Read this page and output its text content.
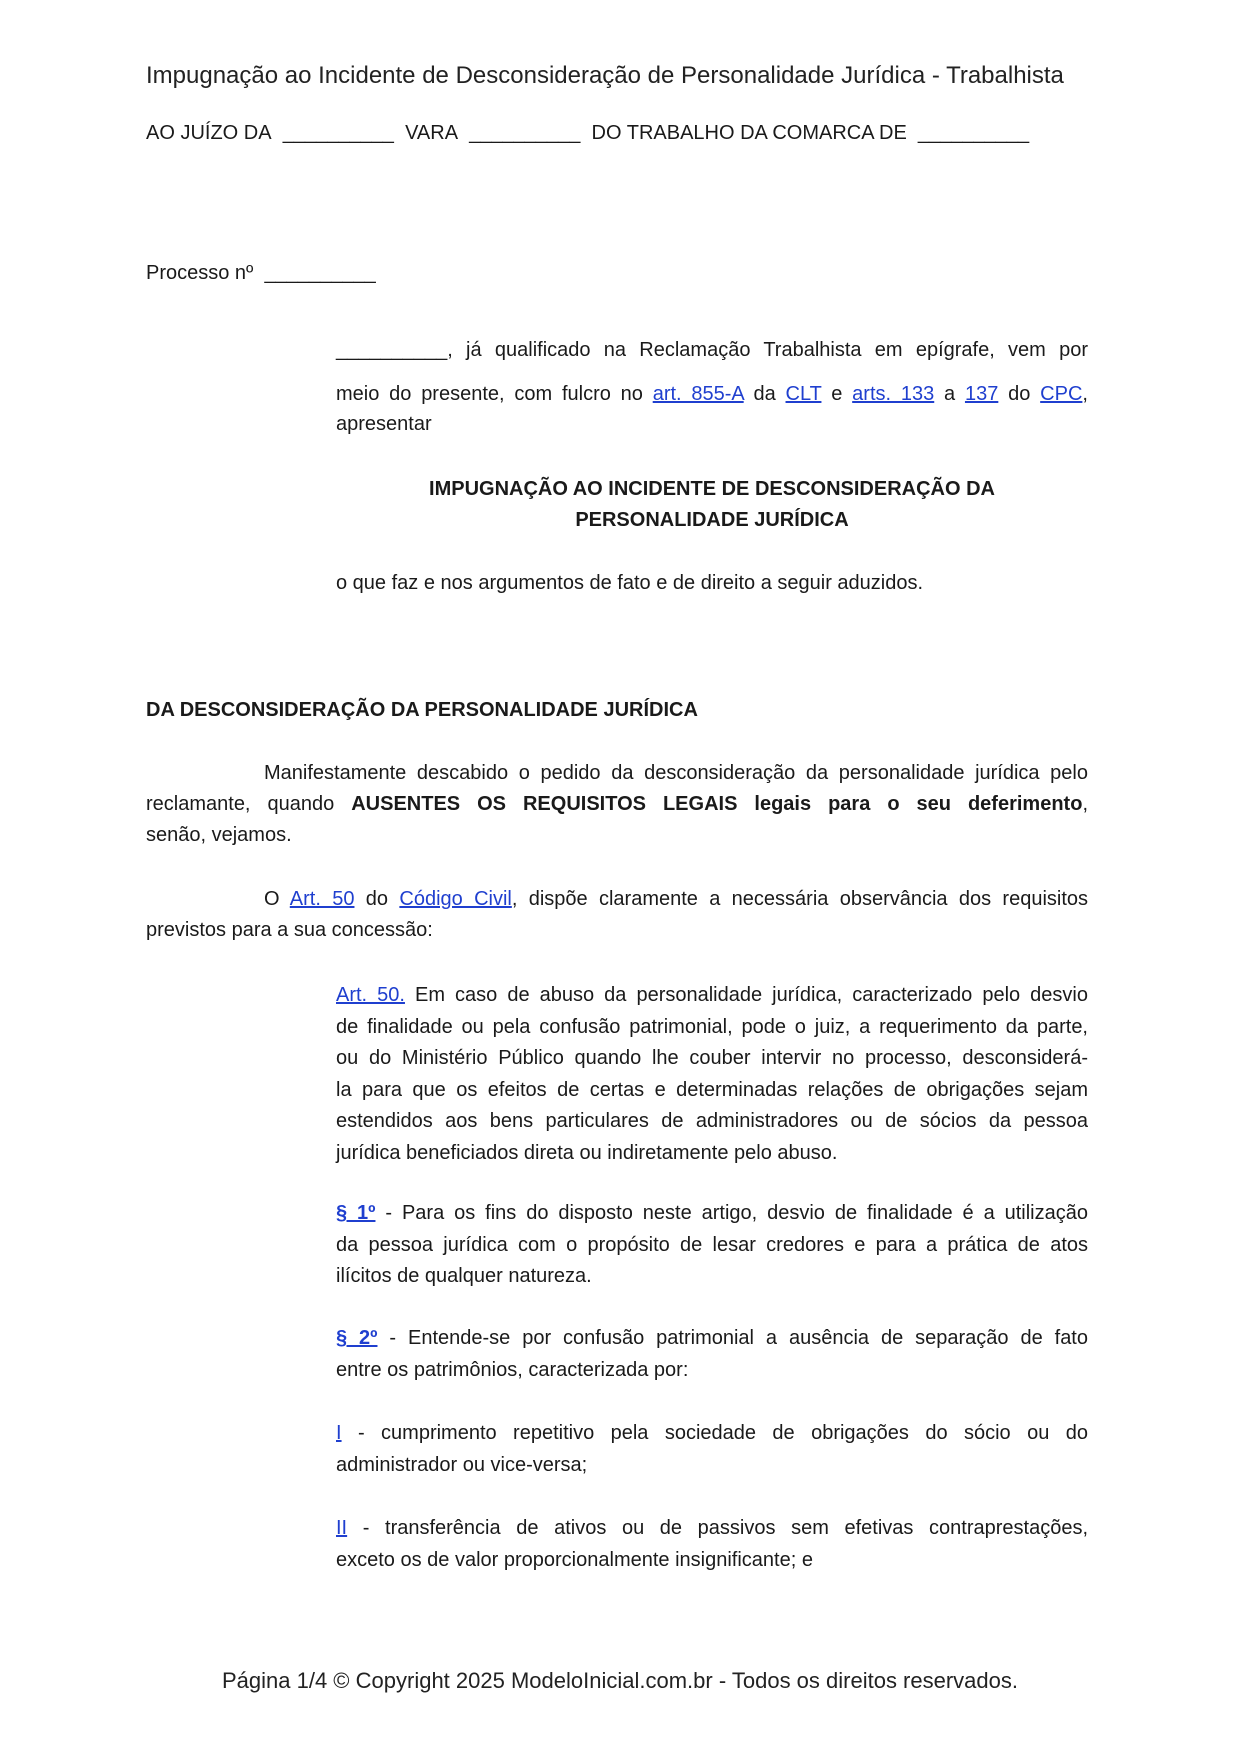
Impugnação ao Incidente de Desconsideração de Personalidade Jurídica - Trabalhista
AO JUÍZO DA __________ VARA __________ DO TRABALHO DA COMARCA DE __________
Processo nº __________
__________, já qualificado na Reclamação Trabalhista em epígrafe, vem por
meio do presente, com fulcro no art. 855-A da CLT e arts. 133 a 137 do CPC,
apresentar
IMPUGNAÇÃO AO INCIDENTE DE DESCONSIDERAÇÃO DA
PERSONALIDADE JURÍDICA
o que faz e nos argumentos de fato e de direito a seguir aduzidos.
DA DESCONSIDERAÇÃO DA PERSONALIDADE JURÍDICA
Manifestamente descabido o pedido da desconsideração da personalidade jurídica pelo
reclamante, quando AUSENTES OS REQUISITOS LEGAIS legais para o seu deferimento,
senão, vejamos.
O Art. 50 do Código Civil, dispõe claramente a necessária observância dos requisitos
previstos para a sua concessão:
Art. 50. Em caso de abuso da personalidade jurídica, caracterizado pelo desvio
de finalidade ou pela confusão patrimonial, pode o juiz, a requerimento da parte,
ou do Ministério Público quando lhe couber intervir no processo, desconsiderá-
la para que os efeitos de certas e determinadas relações de obrigações sejam
estendidos aos bens particulares de administradores ou de sócios da pessoa
jurídica beneficiados direta ou indiretamente pelo abuso.
§ 1º - Para os fins do disposto neste artigo, desvio de finalidade é a utilização
da pessoa jurídica com o propósito de lesar credores e para a prática de atos
ilícitos de qualquer natureza.
§ 2º - Entende-se por confusão patrimonial a ausência de separação de fato
entre os patrimônios, caracterizada por:
I - cumprimento repetitivo pela sociedade de obrigações do sócio ou do
administrador ou vice-versa;
II - transferência de ativos ou de passivos sem efetivas contraprestações,
exceto os de valor proporcionalmente insignificante; e
Página 1/4 © Copyright 2025 ModeloInicial.com.br - Todos os direitos reservados.
